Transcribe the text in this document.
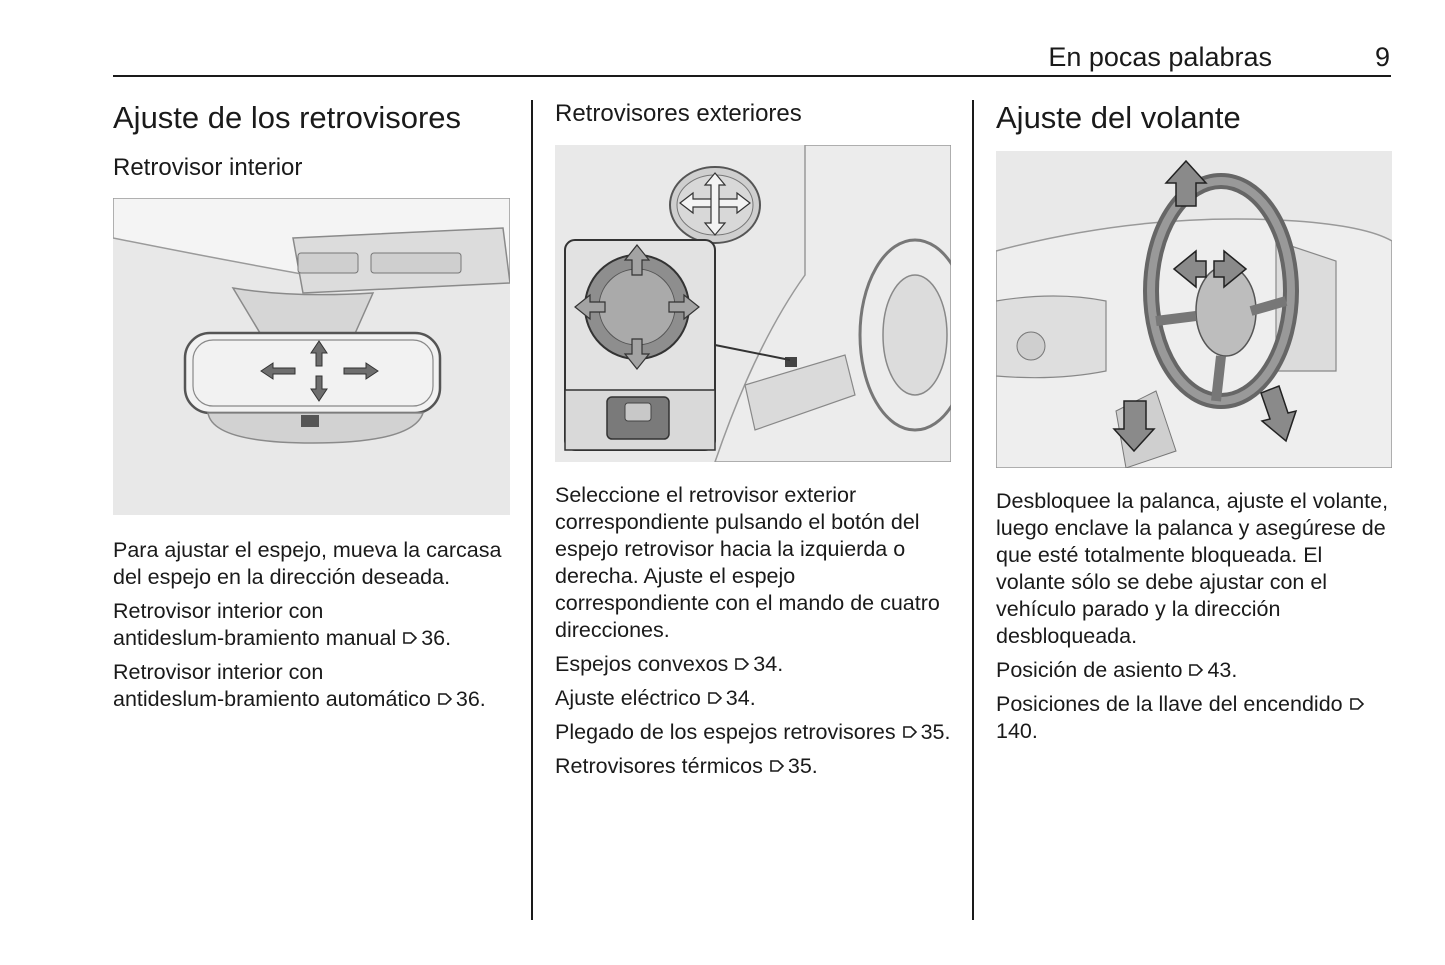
En pocas palabras	9
Ajuste de los retrovisores
Retrovisor interior

Para ajustar el espejo, mueva la carcasa del espejo en la dirección deseada.

Retrovisor interior con antideslum‑bramiento manual 36.

Retrovisor interior con antideslum‑bramiento automático 36.

Retrovisores exteriores

Seleccione el retrovisor exterior correspondiente pulsando el botón del espejo retrovisor hacia la izquierda o derecha. Ajuste el espejo correspondiente con el mando de cuatro direcciones.

Espejos convexos 34.

Ajuste eléctrico 34.

Plegado de los espejos retrovisores 35.

Retrovisores térmicos 35.

Ajuste del volante

Desbloquee la palanca, ajuste el volante, luego enclave la palanca y asegúrese de que esté totalmente bloqueada. El volante sólo se debe ajustar con el vehículo parado y la dirección desbloqueada.

Posición de asiento 43.

Posiciones de la llave del encendido 140.
